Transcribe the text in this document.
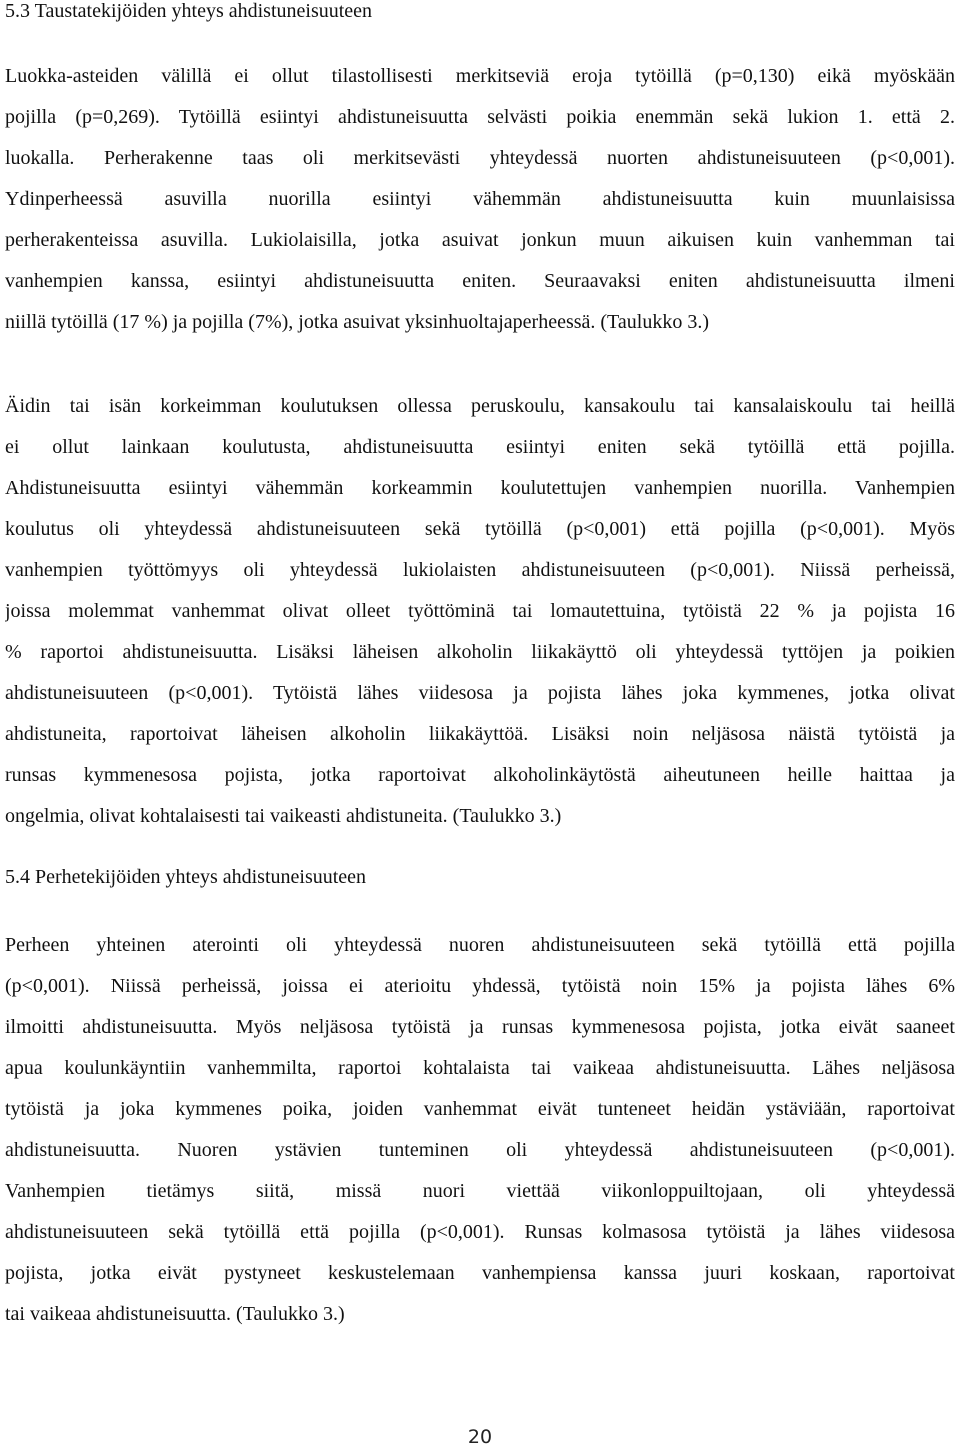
5.3 Taustatekijöiden yhteys ahdistuneisuuteen
Luokka-asteiden välillä ei ollut tilastollisesti merkitseviä eroja tytöillä (p=0,130) eikä myöskään
pojilla (p=0,269). Tytöillä esiintyi ahdistuneisuutta selvästi poikia enemmän sekä lukion 1. että 2.
luokalla. Perherakenne taas oli merkitsevästi yhteydessä nuorten ahdistuneisuuteen (p<0,001).
Ydinperheessä asuvilla nuorilla esiintyi vähemmän ahdistuneisuutta kuin muunlaisissa
perherakenteissa asuvilla. Lukiolaisilla, jotka asuivat jonkun muun aikuisen kuin vanhemman tai
vanhempien kanssa, esiintyi ahdistuneisuutta eniten. Seuraavaksi eniten ahdistuneisuutta ilmeni
niillä tytöillä (17 %) ja pojilla (7%), jotka asuivat yksinhuoltajaperheessä. (Taulukko 3.)
Äidin tai isän korkeimman koulutuksen ollessa peruskoulu, kansakoulu tai kansalaiskoulu tai heillä
ei ollut lainkaan koulutusta, ahdistuneisuutta esiintyi eniten sekä tytöillä että pojilla.
Ahdistuneisuutta esiintyi vähemmän korkeammin koulutettujen vanhempien nuorilla. Vanhempien
koulutus oli yhteydessä ahdistuneisuuteen sekä tytöillä (p<0,001) että pojilla (p<0,001). Myös
vanhempien työttömyys oli yhteydessä lukiolaisten ahdistuneisuuteen (p<0,001). Niissä perheissä,
joissa molemmat vanhemmat olivat olleet työttöminä tai lomautettuina, tytöistä 22 % ja pojista 16
% raportoi ahdistuneisuutta. Lisäksi läheisen alkoholin liikakäyttö oli yhteydessä tyttöjen ja poikien
ahdistuneisuuteen (p<0,001). Tytöistä lähes viidesosa ja pojista lähes joka kymmenes, jotka olivat
ahdistuneita, raportoivat läheisen alkoholin liikakäyttöä. Lisäksi noin neljäsosa näistä tytöistä ja
runsas kymmenesosa pojista, jotka raportoivat alkoholinkäytöstä aiheutuneen heille haittaa ja
ongelmia, olivat kohtalaisesti tai vaikeasti ahdistuneita. (Taulukko 3.)
5.4 Perhetekijöiden yhteys ahdistuneisuuteen
Perheen yhteinen aterointi oli yhteydessä nuoren ahdistuneisuuteen sekä tytöillä että pojilla
(p<0,001). Niissä perheissä, joissa ei aterioitu yhdessä, tytöistä noin 15% ja pojista lähes 6%
ilmoitti ahdistuneisuutta. Myös neljäsosa tytöistä ja runsas kymmenesosa pojista, jotka eivät saaneet
apua koulunkäyntiin vanhemmilta, raportoi kohtalaista tai vaikeaa ahdistuneisuutta. Lähes neljäsosa
tytöistä ja joka kymmenes poika, joiden vanhemmat eivät tunteneet heidän ystäviään, raportoivat
ahdistuneisuutta. Nuoren ystävien tunteminen oli yhteydessä ahdistuneisuuteen (p<0,001).
Vanhempien tietämys siitä, missä nuori viettää viikonloppuiltojaan, oli yhteydessä
ahdistuneisuuteen sekä tytöillä että pojilla (p<0,001). Runsas kolmasosa tytöistä ja lähes viidesosa
pojista, jotka eivät pystyneet keskustelemaan vanhempiensa kanssa juuri koskaan, raportoivat
tai vaikeaa ahdistuneisuutta. (Taulukko 3.)
20
